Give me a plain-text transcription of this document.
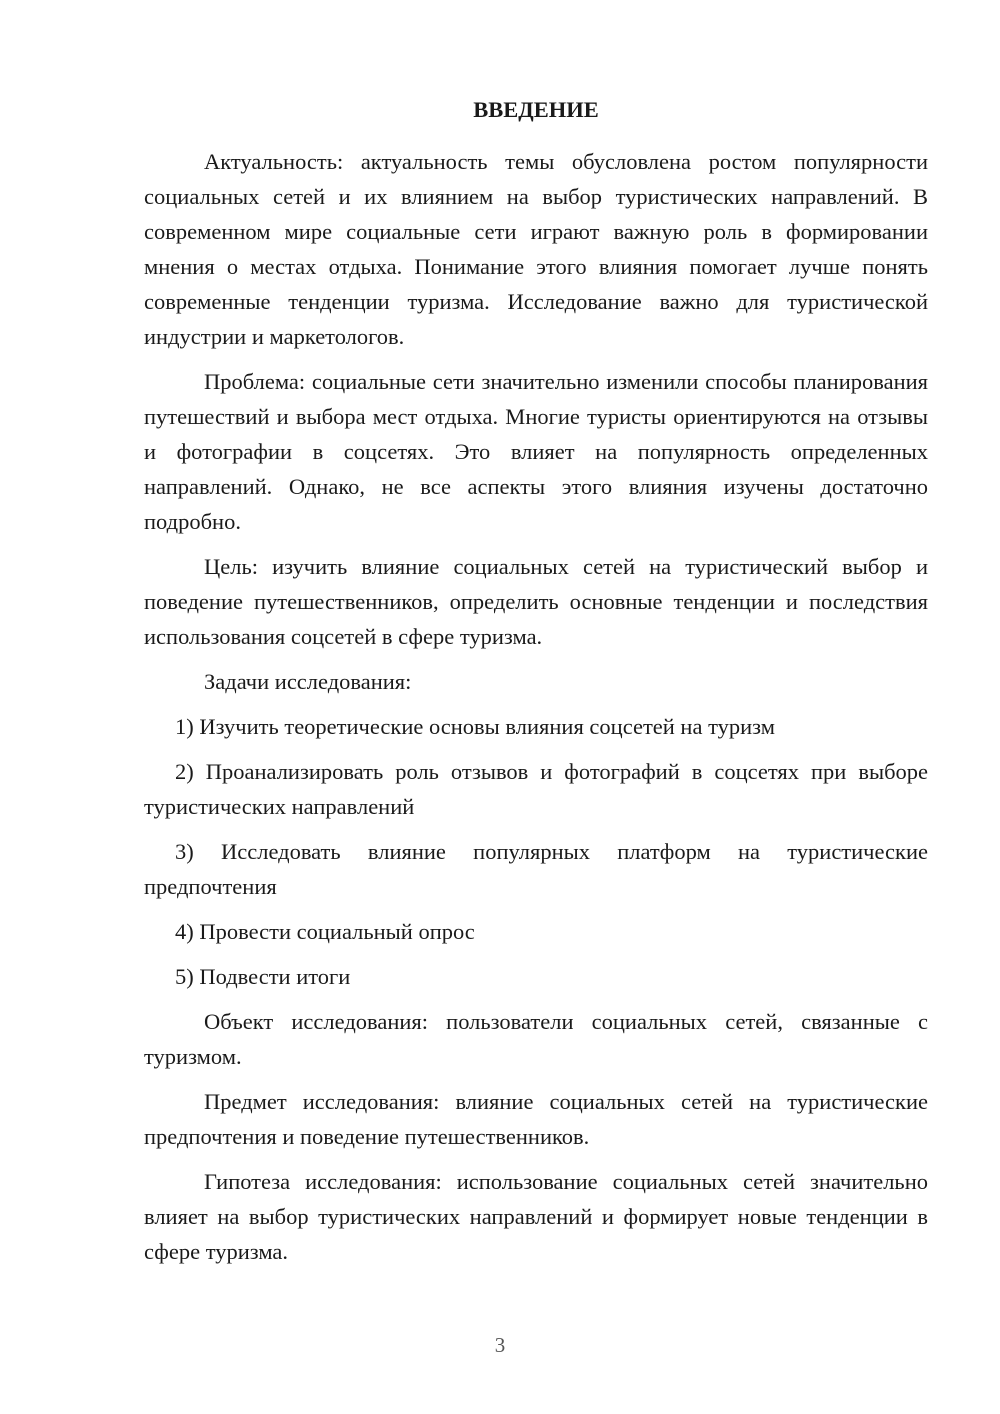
ВВЕДЕНИЕ

Актуальность: актуальность темы обусловлена ростом популярности социальных сетей и их влиянием на выбор туристических направлений. В современном мире социальные сети играют важную роль в формировании мнения о местах отдыха. Понимание этого влияния помогает лучше понять современные тенденции туризма. Исследование важно для туристической индустрии и маркетологов.

Проблема: социальные сети значительно изменили способы планирования путешествий и выбора мест отдыха. Многие туристы ориентируются на отзывы и фотографии в соцсетях. Это влияет на популярность определенных направлений. Однако, не все аспекты этого влияния изучены достаточно подробно.

Цель: изучить влияние социальных сетей на туристический выбор и поведение путешественников, определить основные тенденции и последствия использования соцсетей в сфере туризма.

Задачи исследования:

1) Изучить теоретические основы влияния соцсетей на туризм

2) Проанализировать роль отзывов и фотографий в соцсетях при выборе туристических направлений

3) Исследовать влияние популярных платформ на туристические предпочтения

4) Провести социальный опрос

5) Подвести итоги

Объект исследования: пользователи социальных сетей, связанные с туризмом.

Предмет исследования: влияние социальных сетей на туристические предпочтения и поведение путешественников.

Гипотеза исследования: использование социальных сетей значительно влияет на выбор туристических направлений и формирует новые тенденции в сфере туризма.

3
